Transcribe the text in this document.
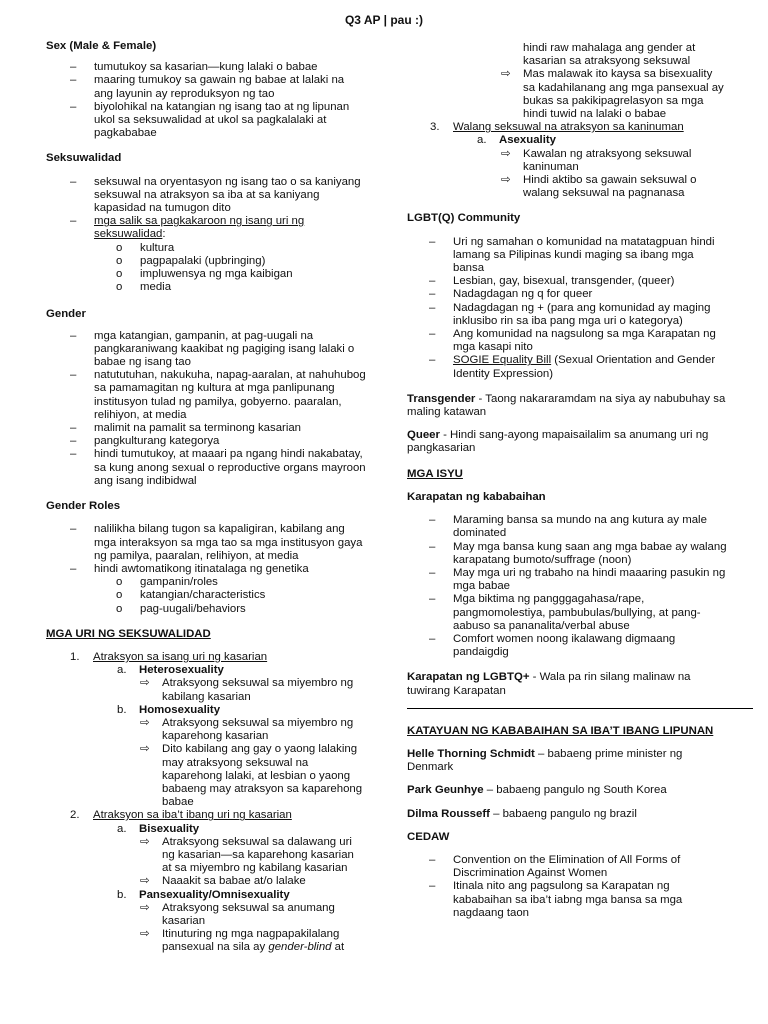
Q3 AP | pau :)
Sex (Male & Female)
– tumutukoy sa kasarian—kung lalaki o babae
– maaring tumukoy sa gawain ng babae at lalaki na ang layunin ay reproduksyon ng tao
– biyolohikal na katangian ng isang tao at ng lipunan ukol sa seksuwalidad at ukol sa pagkalalaki at pagkababae
Seksuwalidad
– seksuwal na oryentasyon ng isang tao o sa kaniyang seksuwal na atraksyon sa iba at sa kaniyang kapasidad na tumugon dito
– mga salik sa pagkakaroon ng isang uri ng seksuwalidad:
o kultura
o pagpapalaki (upbringing)
o impluwensya ng mga kaibigan
o media
Gender
– mga katangian, gampanin, at pag-uugali na pangkaraniwang kaakibat ng pagiging isang lalaki o babae ng isang tao
– natututuhan, nakukuha, napag-aaralan, at nahuhubog sa pamamagitan ng kultura at mga panlipunang institusyon tulad ng pamilya, gobyerno. paaralan, relihiyon, at media
– malimit na pamalit sa terminong kasarian
– pangkulturang kategorya
– hindi tumutukoy, at maaari pa ngang hindi nakabatay, sa kung anong sexual o reproductive organs mayroon ang isang indibidwal
Gender Roles
– nalilikha bilang tugon sa kapaligiran, kabilang ang mga interaksyon sa mga tao sa mga institusyon gaya ng pamilya, paaralan, relihiyon, at media
– hindi awtomatikong itinatalaga ng genetika
o gampanin/roles
o katangian/characteristics
o pag-uugali/behaviors
MGA URI NG SEKSUWALIDAD
1. Atraksyon sa isang uri ng kasarian
a. Heterosexuality
⇨ Atraksyong seksuwal sa miyembro ng kabilang kasarian
b. Homosexuality
⇨ Atraksyong seksuwal sa miyembro ng kaparehong kasarian
⇨ Dito kabilang ang gay o yaong lalaking may atraksyong seksuwal na kaparehong lalaki, at lesbian o yaong babaeng may atraksyon sa kaparehong babae
2. Atraksyon sa iba’t ibang uri ng kasarian
a. Bisexuality
⇨ Atraksyong seksuwal sa dalawang uri ng kasarian—sa kaparehong kasarian at sa miyembro ng kabilang kasarian
⇨ Naaakit sa babae at/o lalake
b. Pansexuality/Omnisexuality
⇨ Atraksyong seksuwal sa anumang kasarian
⇨ Itinuturing ng mga nagpapakilalang pansexual na sila ay gender-blind at
hindi raw mahalaga ang gender at kasarian sa atraksyong seksuwal
⇨ Mas malawak ito kaysa sa bisexuality sa kadahilanang ang mga pansexual ay bukas sa pakikipagrelasyon sa mga hindi tuwid na lalaki o babae
3. Walang seksuwal na atraksyon sa kaninuman
a. Asexuality
⇨ Kawalan ng atraksyong seksuwal kaninuman
⇨ Hindi aktibo sa gawain seksuwal o walang seksuwal na pagnanasa
LGBT(Q) Community
– Uri ng samahan o komunidad na matatagpuan hindi lamang sa Pilipinas kundi maging sa ibang mga bansa
– Lesbian, gay, bisexual, transgender, (queer)
– Nadagdagan ng q for queer
– Nadagdagan ng + (para ang komunidad ay maging inklusibo rin sa iba pang mga uri o kategorya)
– Ang komunidad na nagsulong sa mga Karapatan ng mga kasapi nito
– SOGIE Equality Bill (Sexual Orientation and Gender Identity Expression)
Transgender - Taong nakararamdam na siya ay nabubuhay sa maling katawan
Queer - Hindi sang-ayong mapaisailalim sa anumang uri ng pangkasarian
MGA ISYU
Karapatan ng kababaihan
– Maraming bansa sa mundo na ang kutura ay male dominated
– May mga bansa kung saan ang mga babae ay walang karapatang bumoto/suffrage (noon)
– May mga uri ng trabaho na hindi maaaring pasukin ng mga babae
– Mga biktima ng pangggagahasa/rape, pangmomolestiya, pambubulas/bullying, at pang-aabuso sa pananalita/verbal abuse
– Comfort women noong ikalawang digmaang pandaigdig
Karapatan ng LGBTQ+ - Wala pa rin silang malinaw na tuwirang Karapatan
KATAYUAN NG KABABAIHAN SA IBA’T IBANG LIPUNAN
Helle Thorning Schmidt – babaeng prime minister ng Denmark
Park Geunhye – babaeng pangulo ng South Korea
Dilma Rousseff – babaeng pangulo ng brazil
CEDAW
– Convention on the Elimination of All Forms of Discrimination Against Women
– Itinala nito ang pagsulong sa Karapatan ng kababaihan sa iba’t iabng mga bansa sa mga nagdaang taon
